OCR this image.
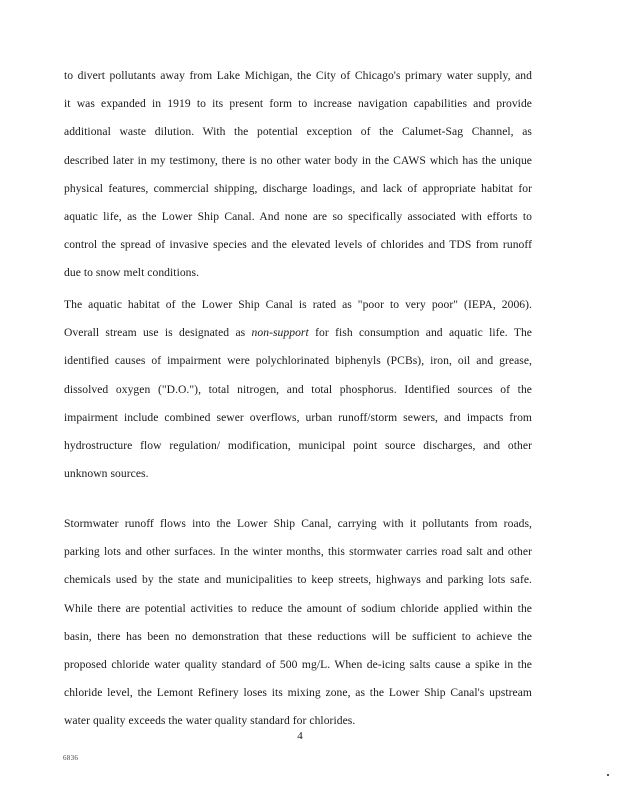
to divert pollutants away from Lake Michigan, the City of Chicago's primary water supply, and
it was expanded in 1919 to its present form to increase navigation capabilities and provide
additional waste dilution. With the potential exception of the Calumet-Sag Channel, as
described later in my testimony, there is no other water body in the CAWS which has the unique
physical features, commercial shipping, discharge loadings, and lack of appropriate habitat for
aquatic life, as the Lower Ship Canal. And none are so specifically associated with efforts to
control the spread of invasive species and the elevated levels of chlorides and TDS from runoff
due to snow melt conditions.

The aquatic habitat of the Lower Ship Canal is rated as "poor to very poor" (IEPA, 2006).
Overall stream use is designated as non-support for fish consumption and aquatic life. The
identified causes of impairment were polychlorinated biphenyls (PCBs), iron, oil and grease,
dissolved oxygen ("D.O."), total nitrogen, and total phosphorus. Identified sources of the
impairment include combined sewer overflows, urban runoff/storm sewers, and impacts from
hydrostructure flow regulation/ modification, municipal point source discharges, and other
unknown sources.

Stormwater runoff flows into the Lower Ship Canal, carrying with it pollutants from roads,
parking lots and other surfaces. In the winter months, this stormwater carries road salt and other
chemicals used by the state and municipalities to keep streets, highways and parking lots safe.
While there are potential activities to reduce the amount of sodium chloride applied within the
basin, there has been no demonstration that these reductions will be sufficient to achieve the
proposed chloride water quality standard of 500 mg/L. When de-icing salts cause a spike in the
chloride level, the Lemont Refinery loses its mixing zone, as the Lower Ship Canal's upstream
water quality exceeds the water quality standard for chlorides.

4
6836
